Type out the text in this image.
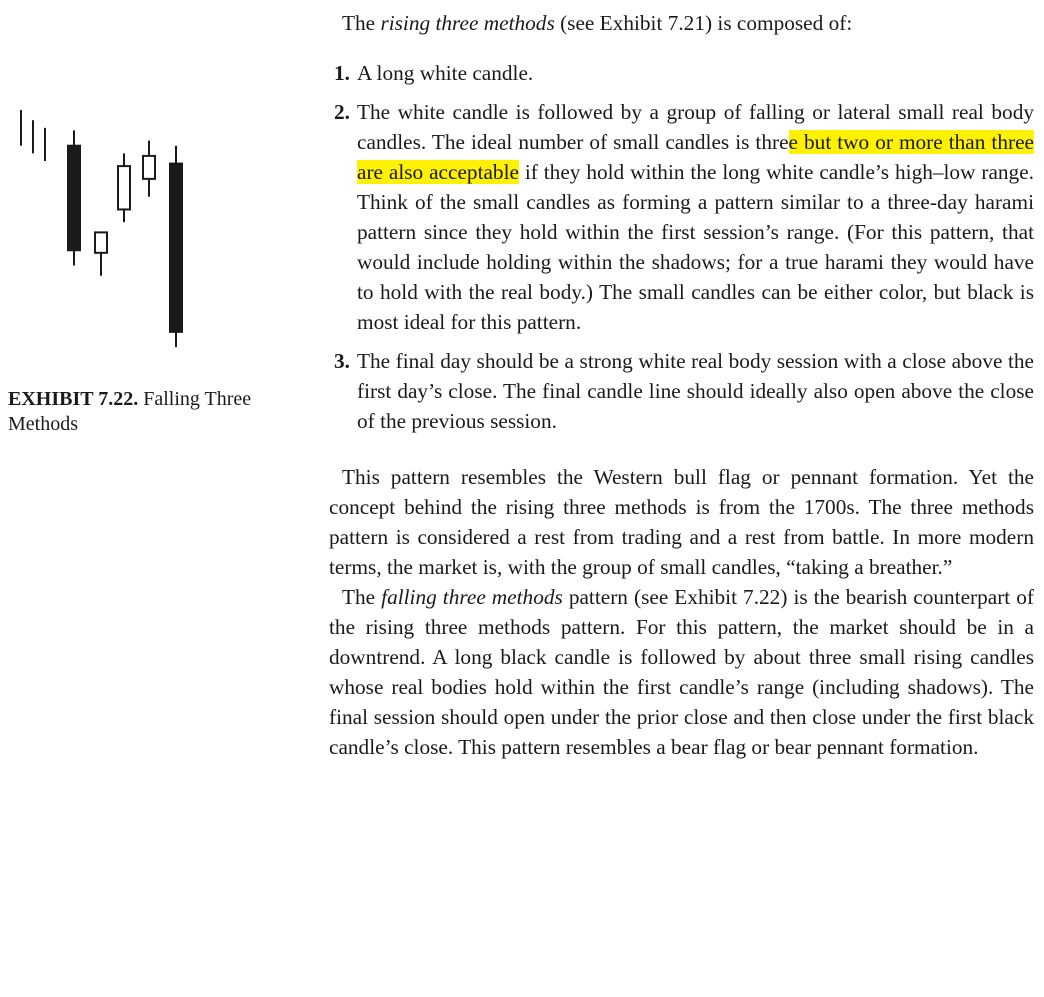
EXHIBIT 7.22. Falling Three Methods
The rising three methods (see Exhibit 7.21) is composed of:
1. A long white candle.
2. The white candle is followed by a group of falling or lateral small real body candles. The ideal number of small candles is three but two or more than three are also acceptable if they hold within the long white candle’s high–low range. Think of the small candles as forming a pattern similar to a three-day harami pattern since they hold within the first session’s range. (For this pattern, that would include holding within the shadows; for a true harami they would have to hold with the real body.) The small candles can be either color, but black is most ideal for this pattern.
3. The final day should be a strong white real body session with a close above the first day’s close. The final candle line should ideally also open above the close of the previous session.

This pattern resembles the Western bull flag or pennant formation. Yet the concept behind the rising three methods is from the 1700s. The three methods pattern is considered a rest from trading and a rest from battle. In more modern terms, the market is, with the group of small candles, “taking a breather.”

The falling three methods pattern (see Exhibit 7.22) is the bearish counterpart of the rising three methods pattern. For this pattern, the market should be in a downtrend. A long black candle is followed by about three small rising candles whose real bodies hold within the first candle’s range (including shadows). The final session should open under the prior close and then close under the first black candle’s close. This pattern resembles a bear flag or bear pennant formation.
